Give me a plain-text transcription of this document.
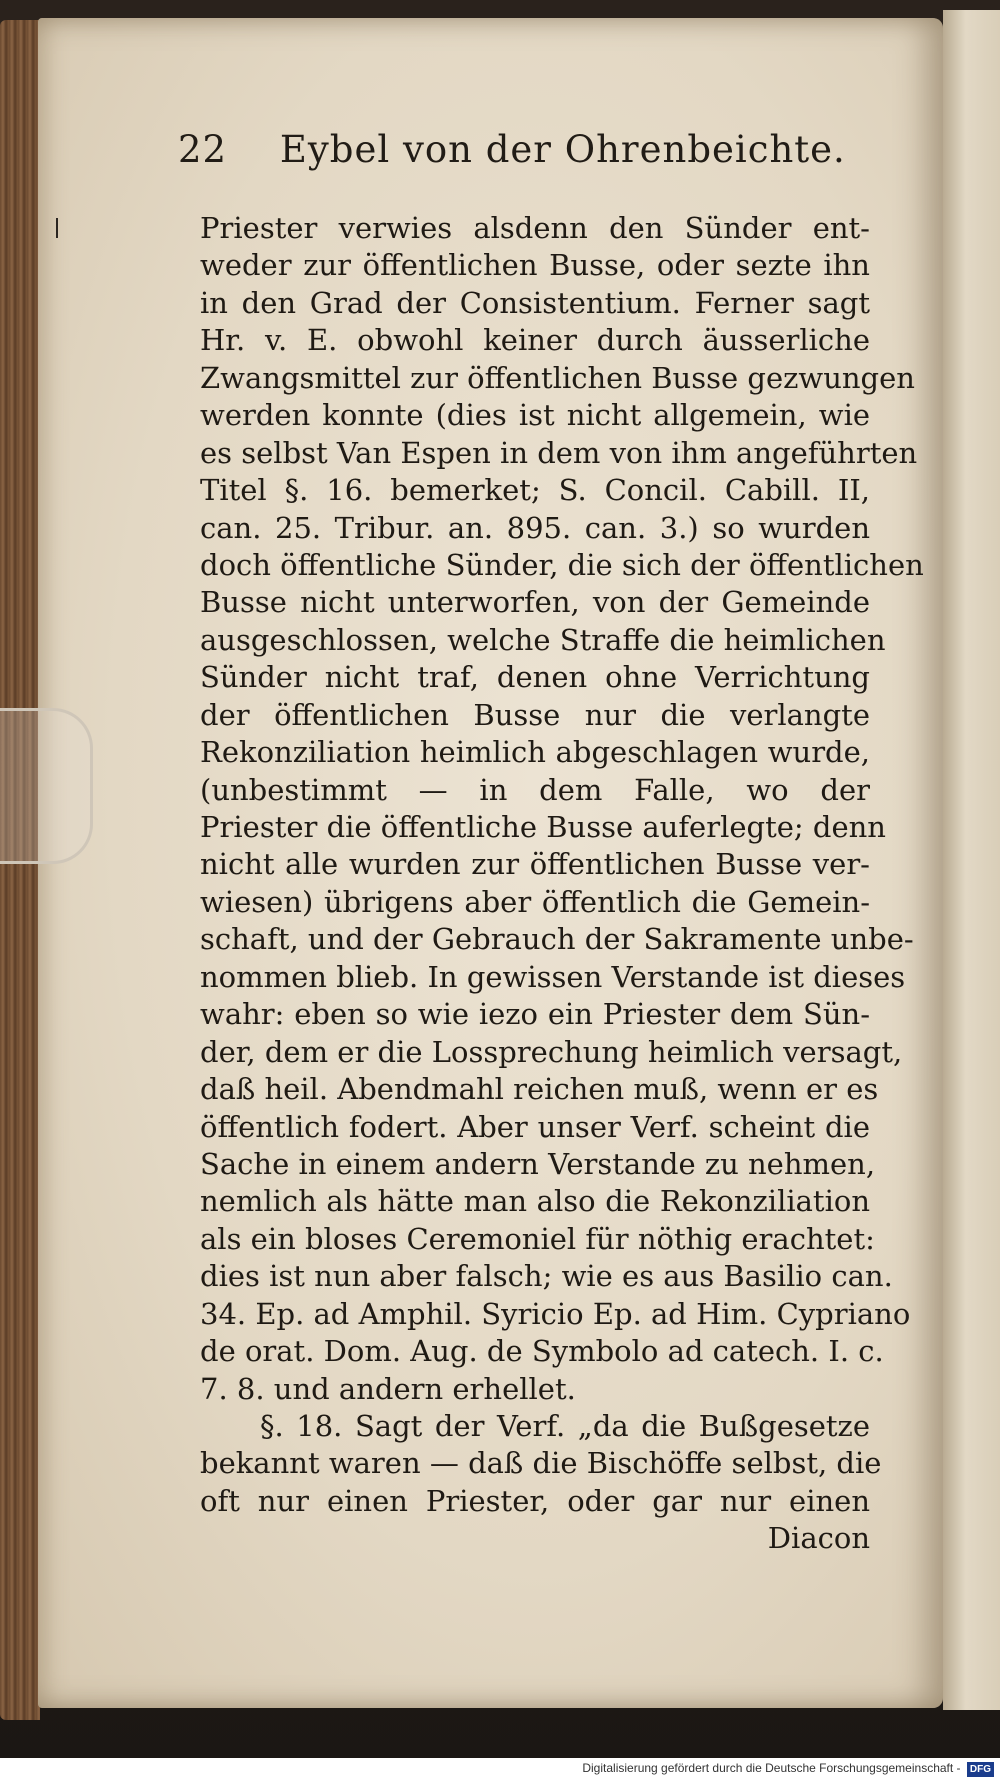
22 Eybel von der Ohrenbeichte.
Priester verwies alsdenn den Sünder ent-
weder zur öffentlichen Busse, oder sezte ihn
in den Grad der Consistentium. Ferner sagt
Hr. v. E. obwohl keiner durch äusserliche
Zwangsmittel zur öffentlichen Busse gezwungen
werden konnte (dies ist nicht allgemein, wie
es selbst Van Espen in dem von ihm angeführten
Titel §. 16. bemerket; S. Concil. Cabill. II,
can. 25. Tribur. an. 895. can. 3.) so wurden
doch öffentliche Sünder, die sich der öffentlichen
Busse nicht unterworfen, von der Gemeinde
ausgeschlossen, welche Straffe die heimlichen
Sünder nicht traf, denen ohne Verrichtung
der öffentlichen Busse nur die verlangte
Rekonziliation heimlich abgeschlagen wurde,
(unbestimmt — in dem Falle, wo der
Priester die öffentliche Busse auferlegte; denn
nicht alle wurden zur öffentlichen Busse ver-
wiesen) übrigens aber öffentlich die Gemein-
schaft, und der Gebrauch der Sakramente unbe-
nommen blieb. In gewissen Verstande ist dieses
wahr: eben so wie iezo ein Priester dem Sün-
der, dem er die Lossprechung heimlich versagt,
daß heil. Abendmahl reichen muß, wenn er es
öffentlich fodert. Aber unser Verf. scheint die
Sache in einem andern Verstande zu nehmen,
nemlich als hätte man also die Rekonziliation
als ein bloses Ceremoniel für nöthig erachtet:
dies ist nun aber falsch; wie es aus Basilio can.
34. Ep. ad Amphil. Syricio Ep. ad Him. Cypriano
de orat. Dom. Aug. de Symbolo ad catech. I. c.
7. 8. und andern erhellet.
§. 18. Sagt der Verf. „da die Bußgesetze
bekannt waren — daß die Bischöffe selbst, die
oft nur einen Priester, oder gar nur einen
Diacon
Digitalisierung gefördert durch die Deutsche Forschungsgemeinschaft - DFG
